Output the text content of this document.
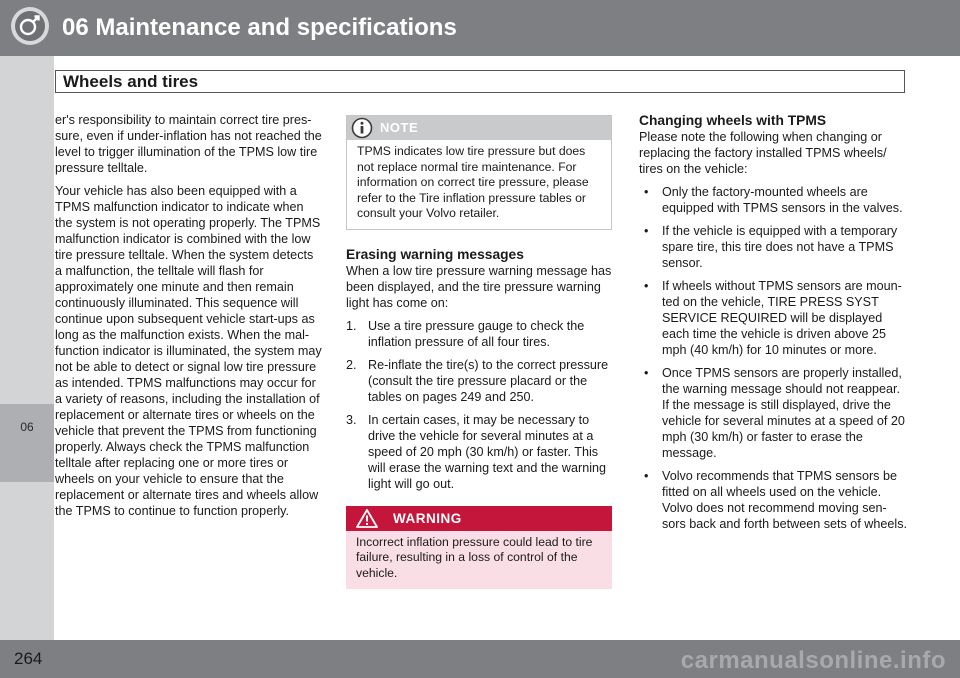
06 Maintenance and specifications
06
Wheels and tires

er's responsibility to maintain correct tire pres-sure, even if under-inflation has not reached the level to trigger illumination of the TPMS low tire pressure telltale.

Your vehicle has also been equipped with a TPMS malfunction indicator to indicate when the system is not operating properly. The TPMS malfunction indicator is combined with the low tire pressure telltale. When the system detects a malfunction, the telltale will flash for approximately one minute and then remain continuously illuminated. This sequence will continue upon subsequent vehicle start-ups as long as the malfunction exists. When the mal-function indicator is illuminated, the system may not be able to detect or signal low tire pressure as intended. TPMS malfunctions may occur for a variety of reasons, including the installation of replacement or alternate tires or wheels on the vehicle that prevent the TPMS from functioning properly. Always check the TPMS malfunction telltale after replacing one or more tires or wheels on your vehicle to ensure that the replacement or alternate tires and wheels allow the TPMS to continue to function properly.

NOTE
TPMS indicates low tire pressure but does not replace normal tire maintenance. For information on correct tire pressure, please refer to the Tire inflation pressure tables or consult your Volvo retailer.
Erasing warning messages

When a low tire pressure warning message has been displayed, and the tire pressure warning light has come on:

1. Use a tire pressure gauge to check the inflation pressure of all four tires.
2. Re-inflate the tire(s) to the correct pressure (consult the tire pressure placard or the tables on pages 249 and 250.
3. In certain cases, it may be necessary to drive the vehicle for several minutes at a speed of 20 mph (30 km/h) or faster. This will erase the warning text and the warning light will go out.
WARNING
Incorrect inflation pressure could lead to tire failure, resulting in a loss of control of the vehicle.
Changing wheels with TPMS

Please note the following when changing or replacing the factory installed TPMS wheels/ tires on the vehicle:

• Only the factory-mounted wheels are equipped with TPMS sensors in the valves.
• If the vehicle is equipped with a temporary spare tire, this tire does not have a TPMS sensor.
• If wheels without TPMS sensors are moun-ted on the vehicle, TIRE PRESS SYST SERVICE REQUIRED will be displayed each time the vehicle is driven above 25 mph (40 km/h) for 10 minutes or more.
• Once TPMS sensors are properly installed, the warning message should not reappear. If the message is still displayed, drive the vehicle for several minutes at a speed of 20 mph (30 km/h) or faster to erase the message.
• Volvo recommends that TPMS sensors be fitted on all wheels used on the vehicle. Volvo does not recommend moving sen-sors back and forth between sets of wheels.
264	carmanualsonline.info
